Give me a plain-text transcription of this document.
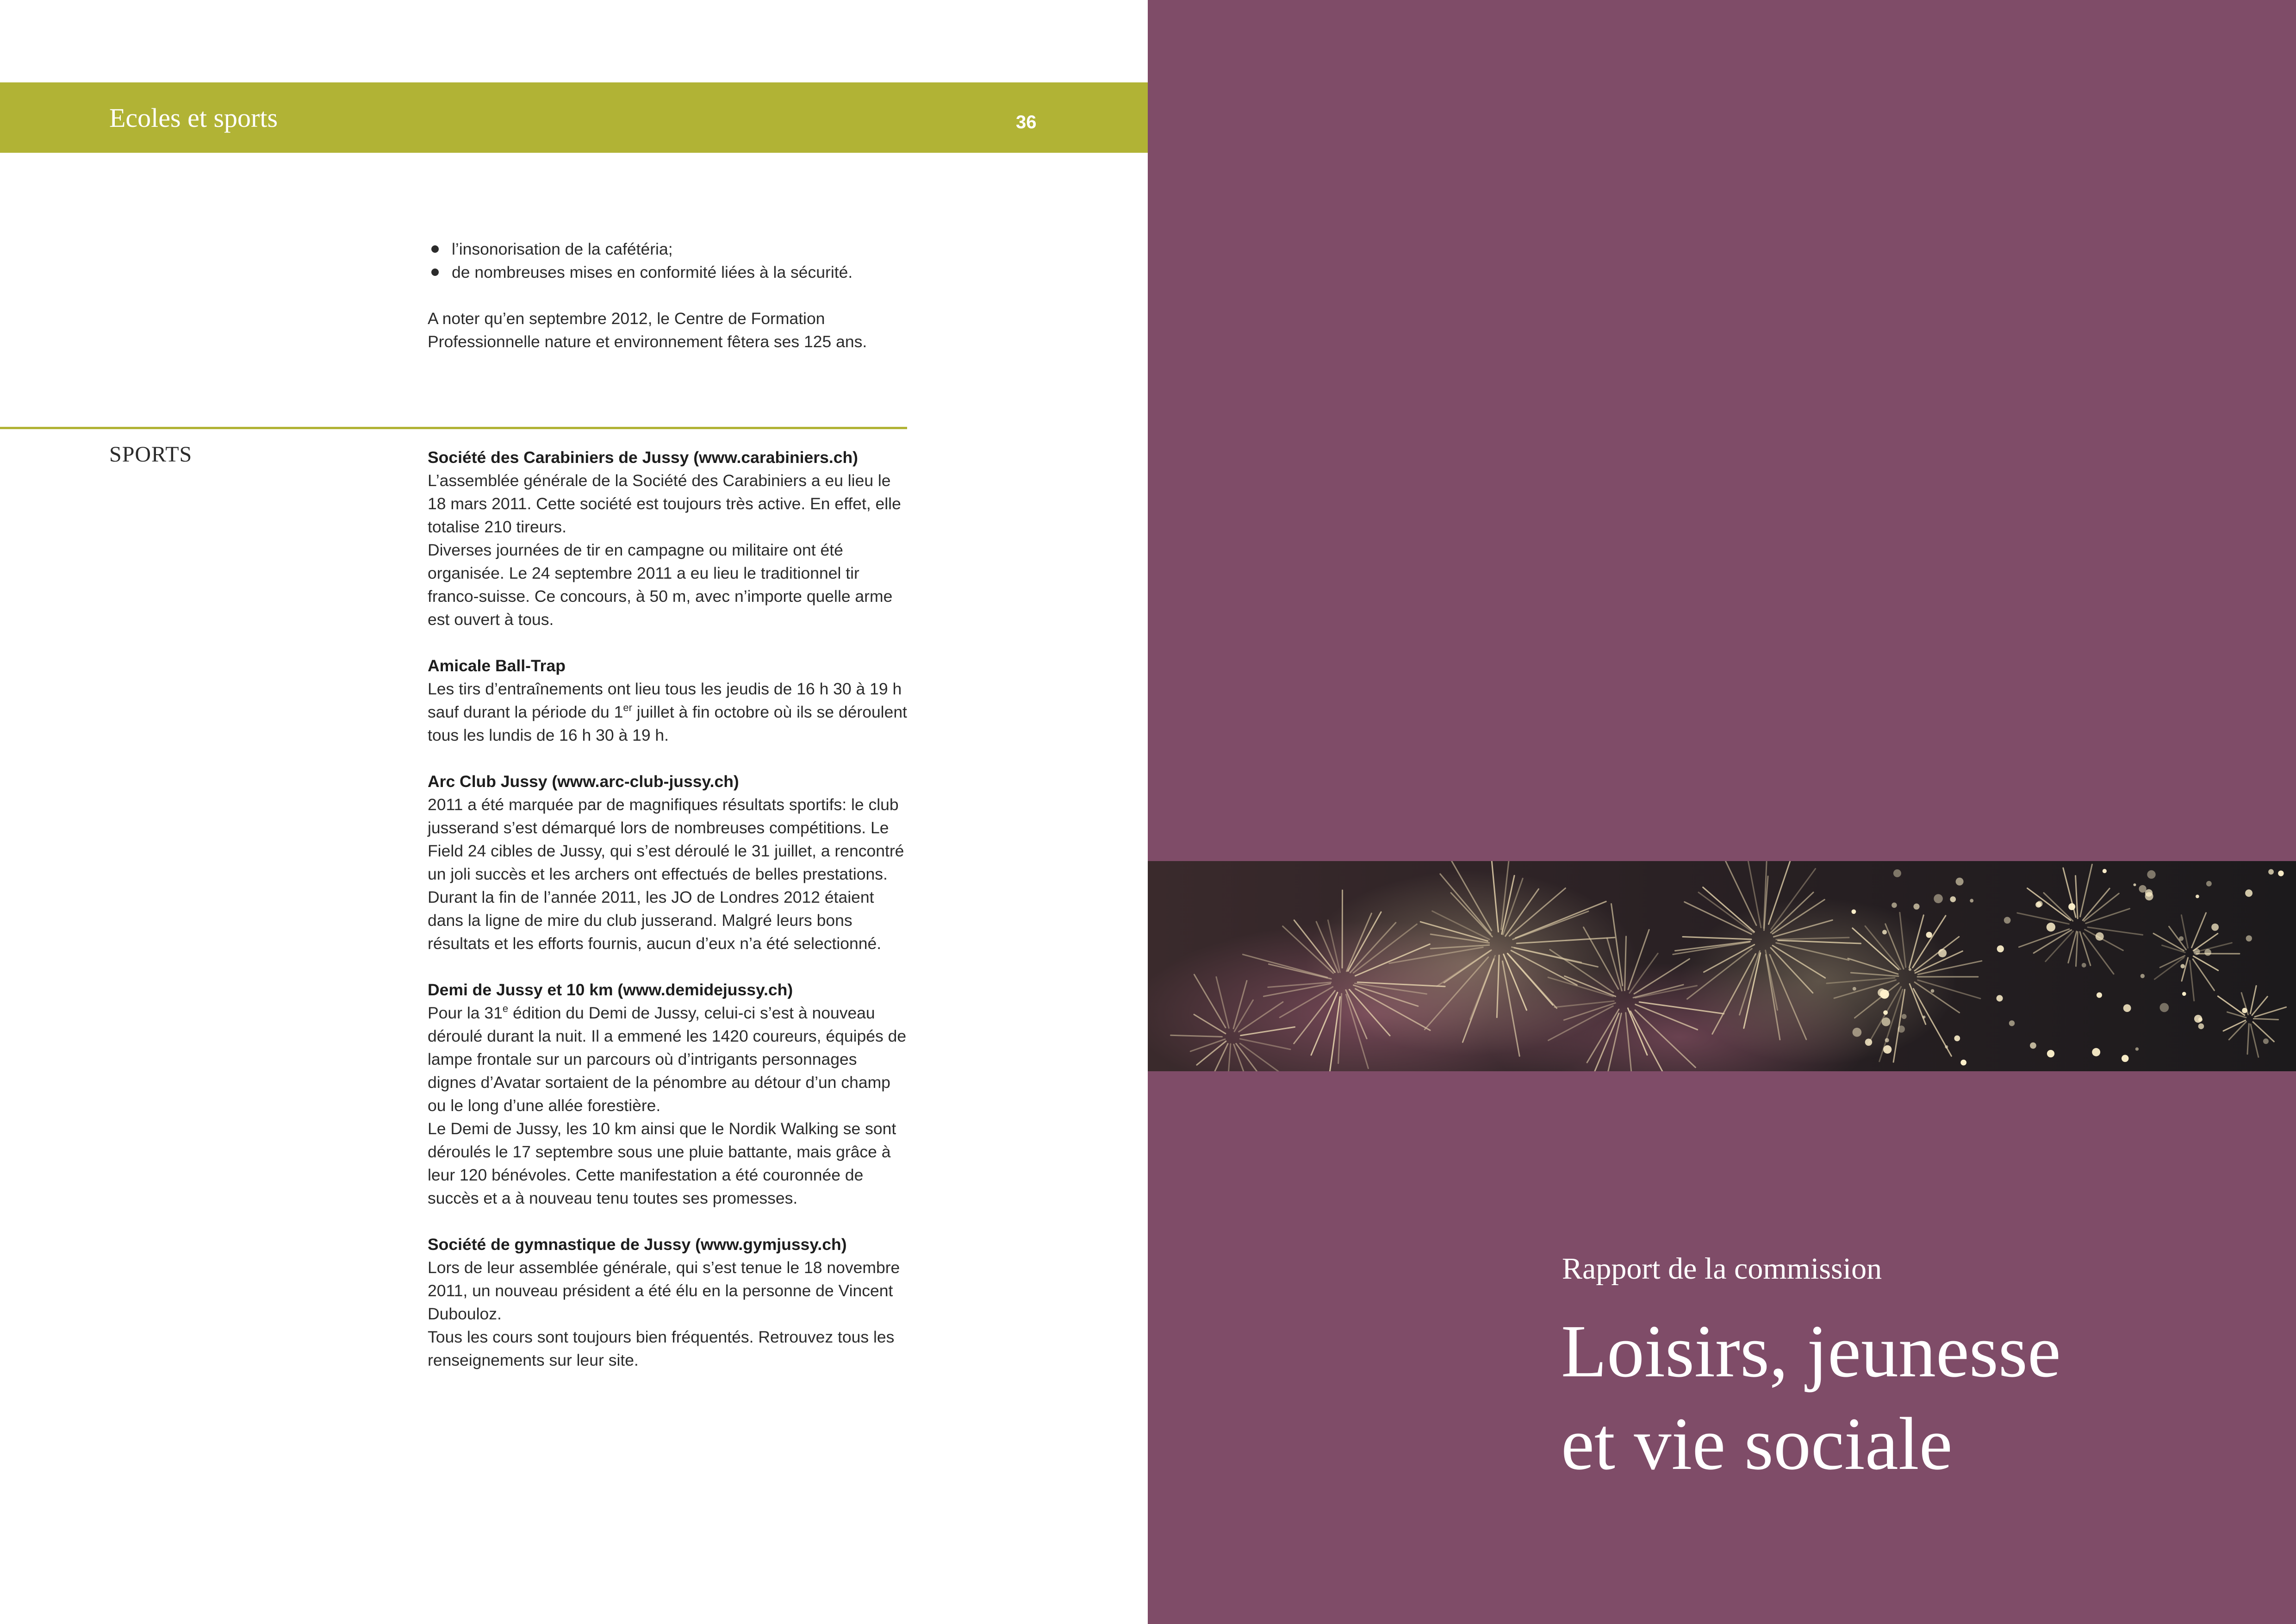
Ecoles et sports	36
l’insonorisation de la cafétéria;
de nombreuses mises en conformité liées à la sécurité.

A noter qu’en septembre 2012, le Centre de Formation Professionnelle nature et environnement fêtera ses 125 ans.

SPORTS	Société des Carabiniers de Jussy (www.carabiniers.ch)

L’assemblée générale de la Société des Carabiniers a eu lieu le 18 mars 2011. Cette société est toujours très active. En effet, elle totalise 210 tireurs.

Diverses journées de tir en campagne ou militaire ont été organisée. Le 24 septembre 2011 a eu lieu le traditionnel tir franco-suisse. Ce concours, à 50 m, avec n’importe quelle arme est ouvert à tous.

Amicale Ball-Trap

Les tirs d’entraînements ont lieu tous les jeudis de 16 h 30 à 19 h sauf durant la période du 1er juillet à fin octobre où ils se déroulent tous les lundis de 16 h 30 à 19 h.

Arc Club Jussy (www.arc-club-jussy.ch)

2011 a été marquée par de magnifiques résultats sportifs: le club jusserand s’est démarqué lors de nombreuses compétitions. Le Field 24 cibles de Jussy, qui s’est déroulé le 31 juillet, a rencontré un joli succès et les archers ont effectués de belles prestations.

Durant la fin de l’année 2011, les JO de Londres 2012 étaient dans la ligne de mire du club jusserand. Malgré leurs bons résultats et les efforts fournis, aucun d’eux n’a été selectionné.

Demi de Jussy et 10 km (www.demidejussy.ch)

Pour la 31e édition du Demi de Jussy, celui-ci s’est à nouveau déroulé durant la nuit. Il a emmené les 1420 coureurs, équipés de lampe frontale sur un parcours où d’intrigants personnages dignes d’Avatar sortaient de la pénombre au détour d’un champ ou le long d’une allée forestière.

Le Demi de Jussy, les 10 km ainsi que le Nordik Walking se sont déroulés le 17 septembre sous une pluie battante, mais grâce à leur 120 bénévoles. Cette manifestation a été couronnée de succès et a à nouveau tenu toutes ses promesses.

Société de gymnastique de Jussy (www.gymjussy.ch)

Lors de leur assemblée générale, qui s’est tenue le 18 novembre 2011, un nouveau président a été élu en la personne de Vincent Dubouloz.

Tous les cours sont toujours bien fréquentés. Retrouvez tous les renseignements sur leur site.

Rapport de la commission
Loisirs, jeunesse
et vie sociale
